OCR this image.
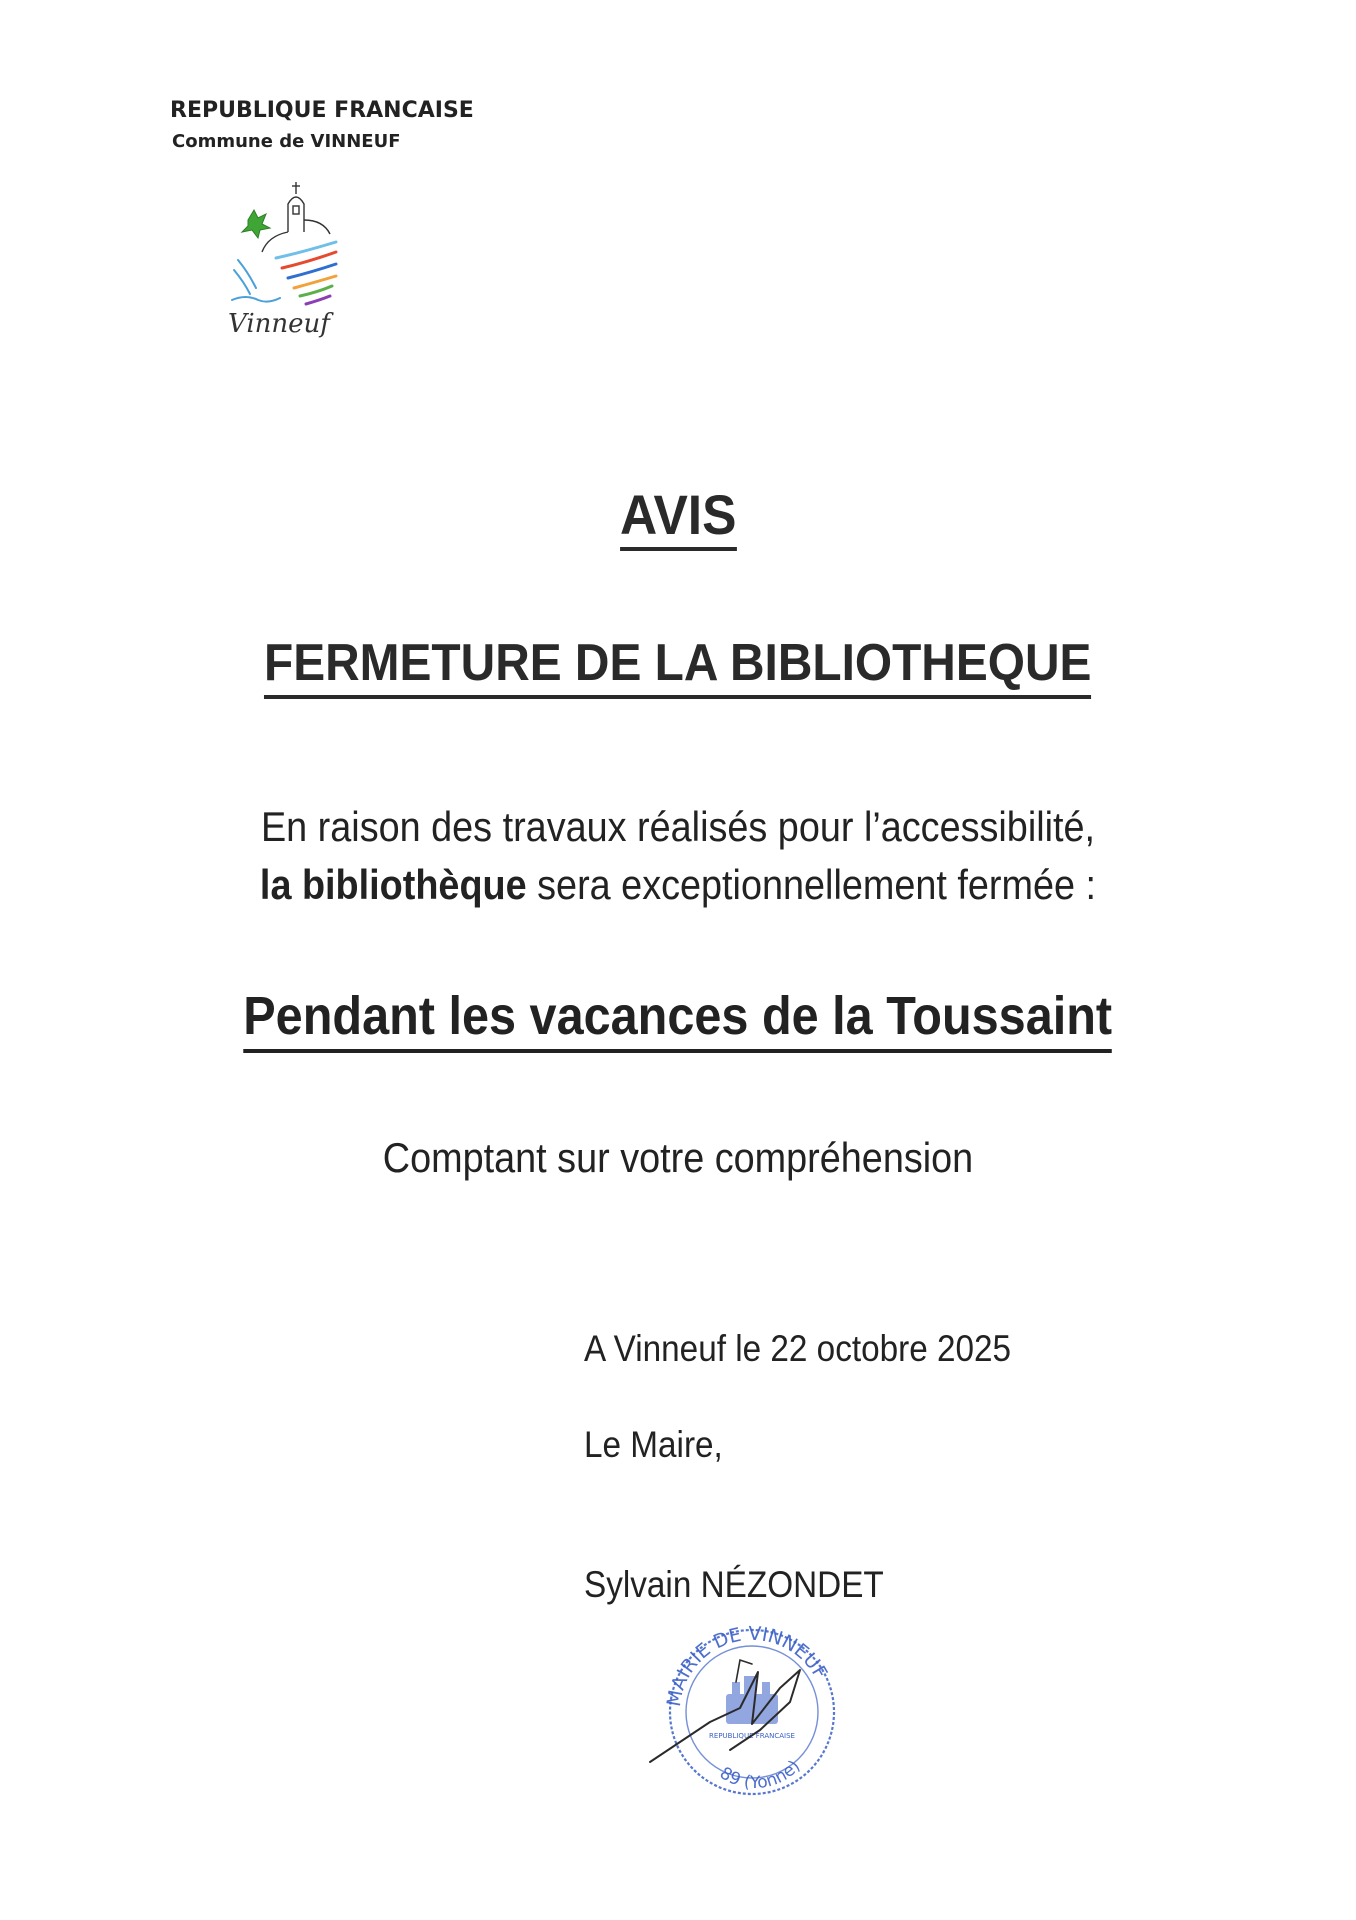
REPUBLIQUE FRANCAISE
Commune de VINNEUF
Vinneuf
AVIS
FERMETURE DE LA BIBLIOTHEQUE
En raison des travaux réalisés pour l’accessibilité,
la bibliothèque sera exceptionnellement fermée :
Pendant les vacances de la Toussaint
Comptant sur votre compréhension
A Vinneuf le 22 octobre 2025
Le Maire,
Sylvain NÉZONDET
MAIRIE DE VINNEUF
89 (Yonne)
REPUBLIQUE FRANCAISE
